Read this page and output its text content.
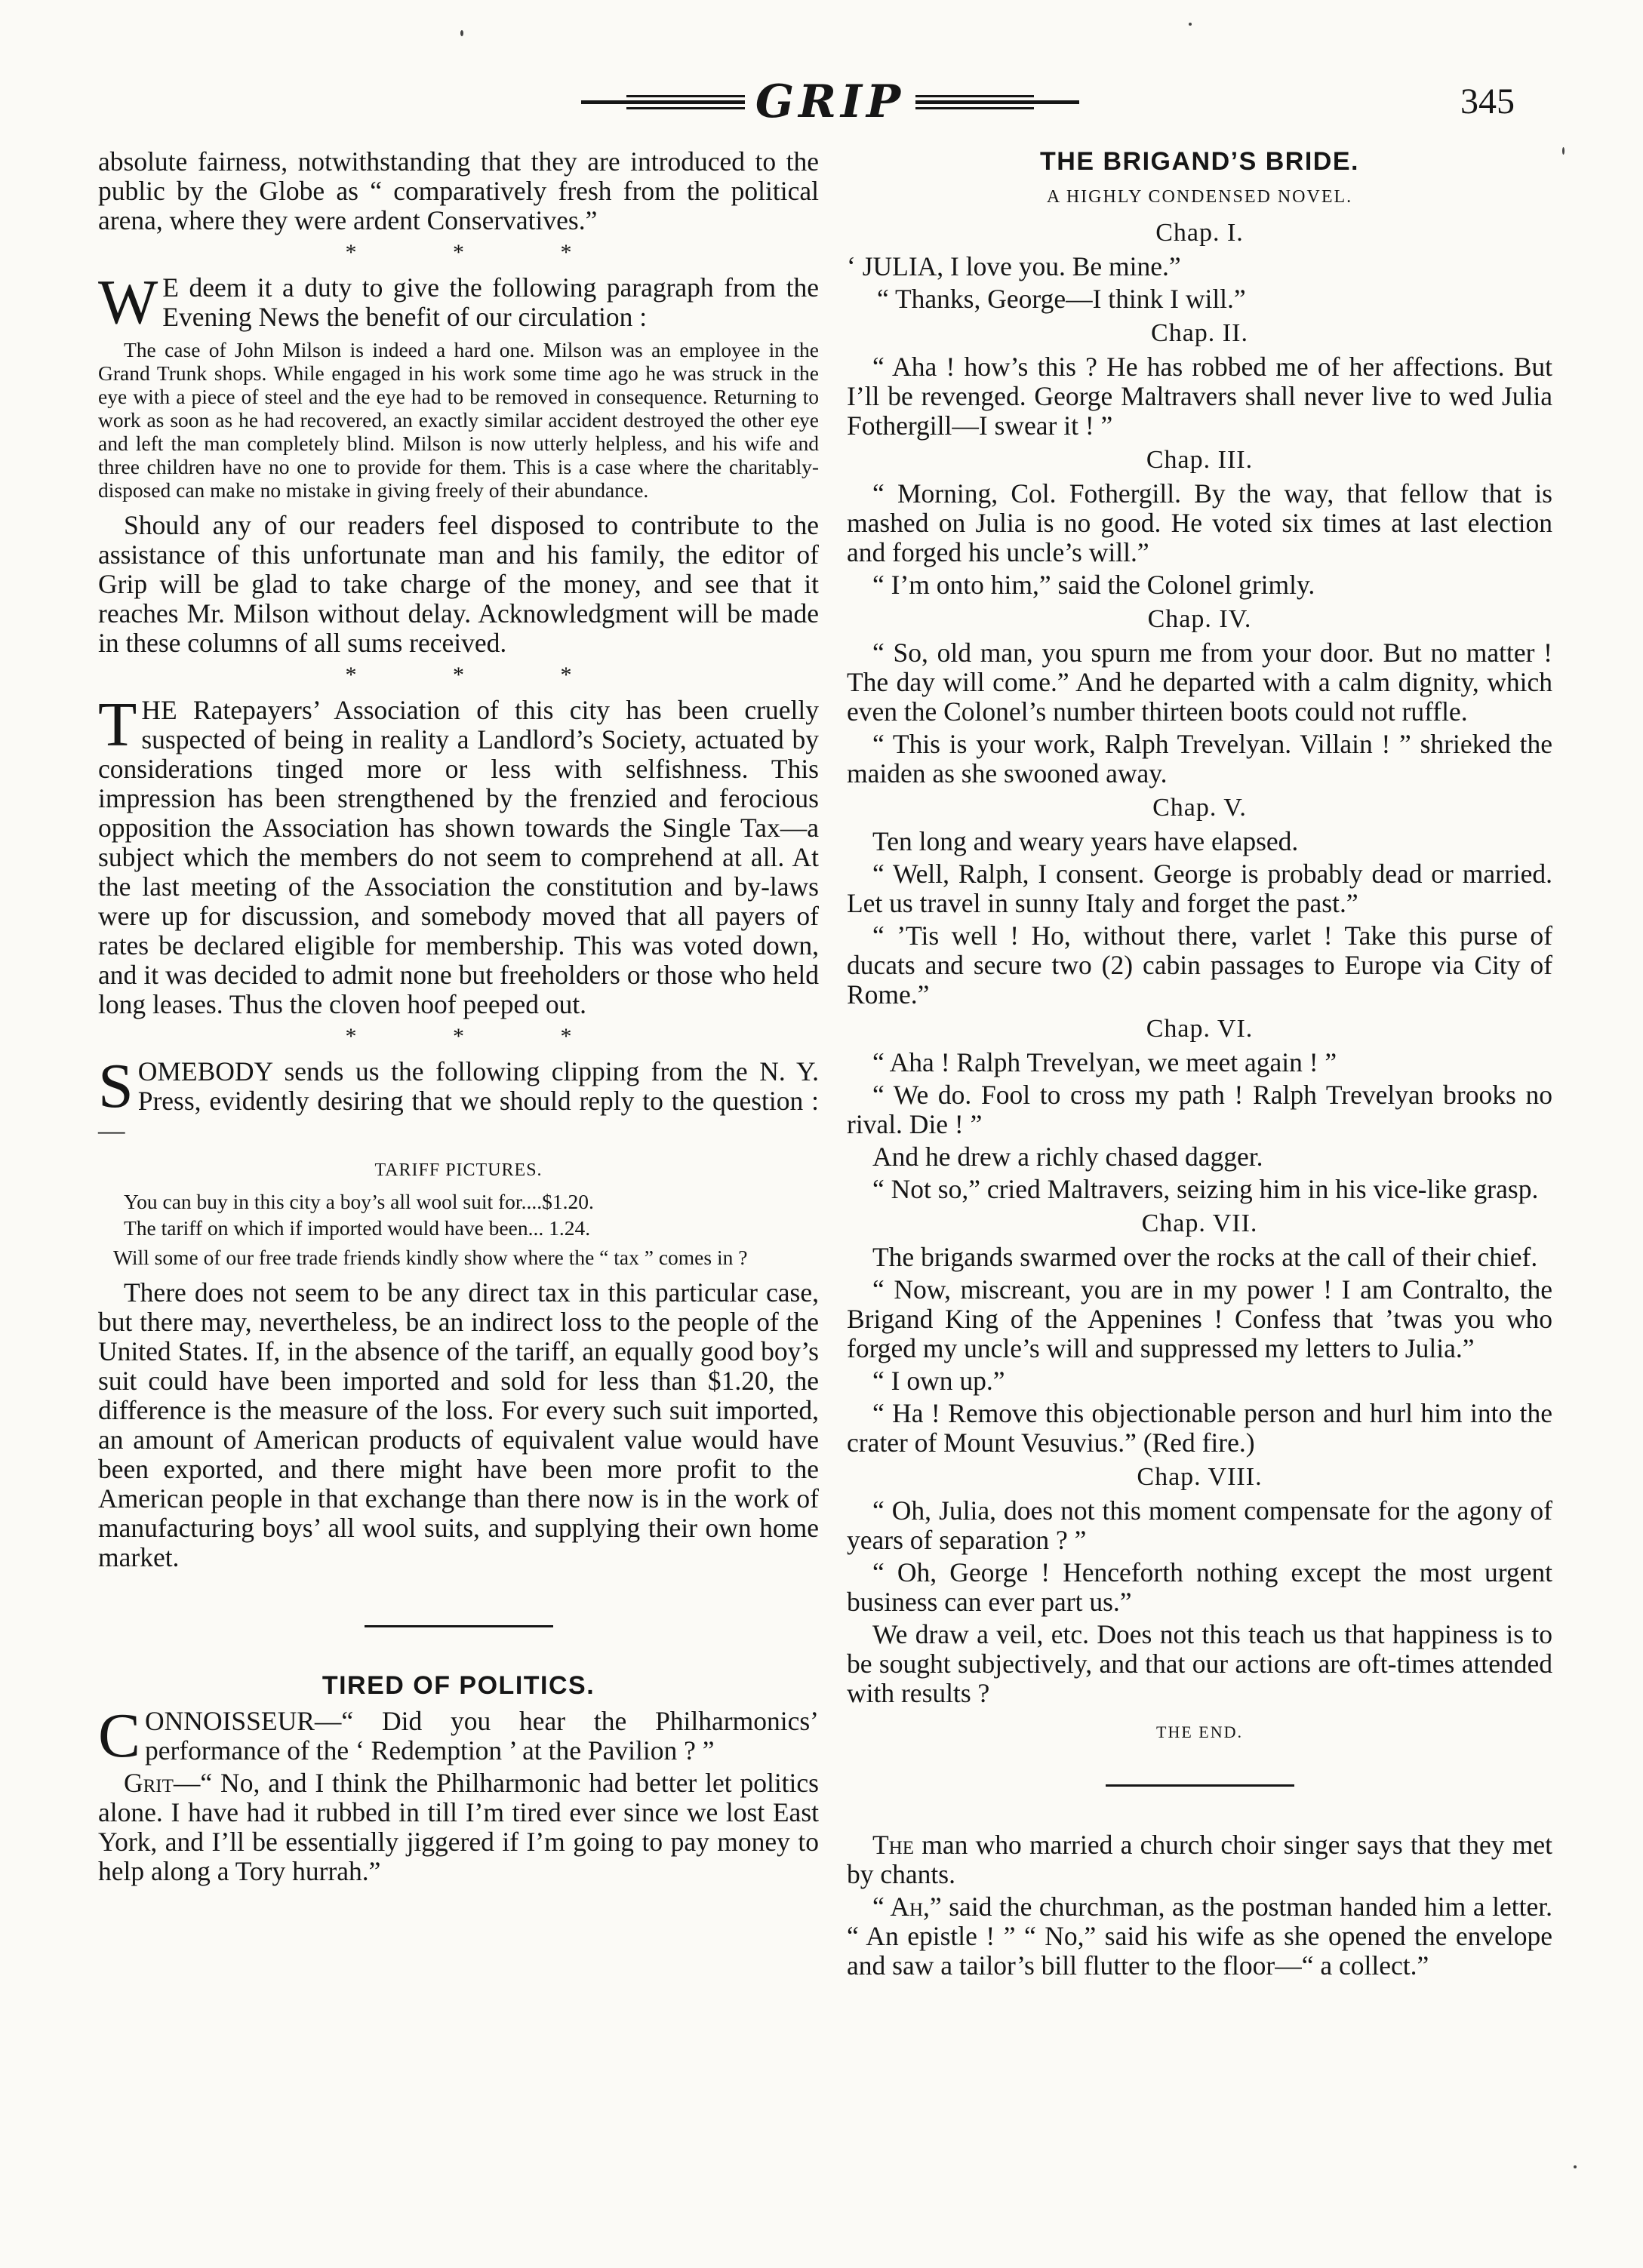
GRIP	345

absolute fairness, notwithstanding that they are introduced to the public by the Globe as “ comparatively fresh from the political arena, where they were ardent Conservatives.”

* * *

W E deem it a duty to give the following paragraph from the Evening News the benefit of our circulation :

The case of John Milson is indeed a hard one. Milson was an employee in the Grand Trunk shops. While engaged in his work some time ago he was struck in the eye with a piece of steel and the eye had to be removed in consequence. Returning to work as soon as he had recovered, an exactly similar accident destroyed the other eye and left the man completely blind. Milson is now utterly helpless, and his wife and three children have no one to provide for them. This is a case where the charitably-disposed can make no mistake in giving freely of their abundance.

Should any of our readers feel disposed to contribute to the assistance of this unfortunate man and his family, the editor of Grip will be glad to take charge of the money, and see that it reaches Mr. Milson without delay. Acknowledgment will be made in these columns of all sums received.

* * *

THE Ratepayers’ Association of this city has been cruelly suspected of being in reality a Landlord’s Society, actuated by considerations tinged more or less with selfishness. This impression has been strengthened by the frenzied and ferocious opposition the Association has shown towards the Single Tax—a subject which the members do not seem to comprehend at all. At the last meeting of the Association the constitution and by-laws were up for discussion, and somebody moved that all payers of rates be declared eligible for membership. This was voted down, and it was decided to admit none but freeholders or those who held long leases. Thus the cloven hoof peeped out.

* * *

SOMEBODY sends us the following clipping from the N. Y. Press, evidently desiring that we should reply to the question :—

TARIFF PICTURES.

You can buy in this city a boy’s all wool suit for....$1.20.

The tariff on which if imported would have been... 1.24.

Will some of our free trade friends kindly show where the “ tax ” comes in ?

There does not seem to be any direct tax in this particular case, but there may, nevertheless, be an indirect loss to the people of the United States. If, in the absence of the tariff, an equally good boy’s suit could have been imported and sold for less than $1.20, the difference is the measure of the loss. For every such suit imported, an amount of American products of equivalent value would have been exported, and there might have been more profit to the American people in that exchange than there now is in the work of manufacturing boys’ all wool suits, and supplying their own home market.

TIRED OF POLITICS.

CONNOISSEUR—“ Did you hear the Philharmonics’ performance of the ‘ Redemption ’ at the Pavilion ? ”

Grit—“ No, and I think the Philharmonic had better let politics alone. I have had it rubbed in till I’m tired ever since we lost East York, and I’ll be essentially jiggered if I’m going to pay money to help along a Tory hurrah.”

THE BRIGAND’S BRIDE.
A HIGHLY CONDENSED NOVEL.
Chap. I.

‘ JULIA, I love you. Be mine.”

“ Thanks, George—I think I will.”

Chap. II.

“ Aha ! how’s this ? He has robbed me of her affections. But I’ll be revenged. George Maltravers shall never live to wed Julia Fothergill—I swear it ! ”

Chap. III.

“ Morning, Col. Fothergill. By the way, that fellow that is mashed on Julia is no good. He voted six times at last election and forged his uncle’s will.”

“ I’m onto him,” said the Colonel grimly.

Chap. IV.

“ So, old man, you spurn me from your door. But no matter ! The day will come.” And he departed with a calm dignity, which even the Colonel’s number thirteen boots could not ruffle.

“ This is your work, Ralph Trevelyan. Villain ! ” shrieked the maiden as she swooned away.

Chap. V.

Ten long and weary years have elapsed.

“ Well, Ralph, I consent. George is probably dead or married. Let us travel in sunny Italy and forget the past.”

“ ’Tis well ! Ho, without there, varlet ! Take this purse of ducats and secure two (2) cabin passages to Europe via City of Rome.”

Chap. VI.

“ Aha ! Ralph Trevelyan, we meet again ! ”

“ We do. Fool to cross my path ! Ralph Trevelyan brooks no rival. Die ! ”

And he drew a richly chased dagger.

“ Not so,” cried Maltravers, seizing him in his vice-like grasp.

Chap. VII.

The brigands swarmed over the rocks at the call of their chief.

“ Now, miscreant, you are in my power ! I am Contralto, the Brigand King of the Appenines ! Confess that ’twas you who forged my uncle’s will and suppressed my letters to Julia.”

“ I own up.”

“ Ha ! Remove this objectionable person and hurl him into the crater of Mount Vesuvius.” (Red fire.)

Chap. VIII.

“ Oh, Julia, does not this moment compensate for the agony of years of separation ? ”

“ Oh, George ! Henceforth nothing except the most urgent business can ever part us.”

We draw a veil, etc. Does not this teach us that happiness is to be sought subjectively, and that our actions are oft-times attended with results ?

THE END.

The man who married a church choir singer says that they met by chants.

“ Ah,” said the churchman, as the postman handed him a letter. “ An epistle ! ” “ No,” said his wife as she opened the envelope and saw a tailor’s bill flutter to the floor—“ a collect.”
